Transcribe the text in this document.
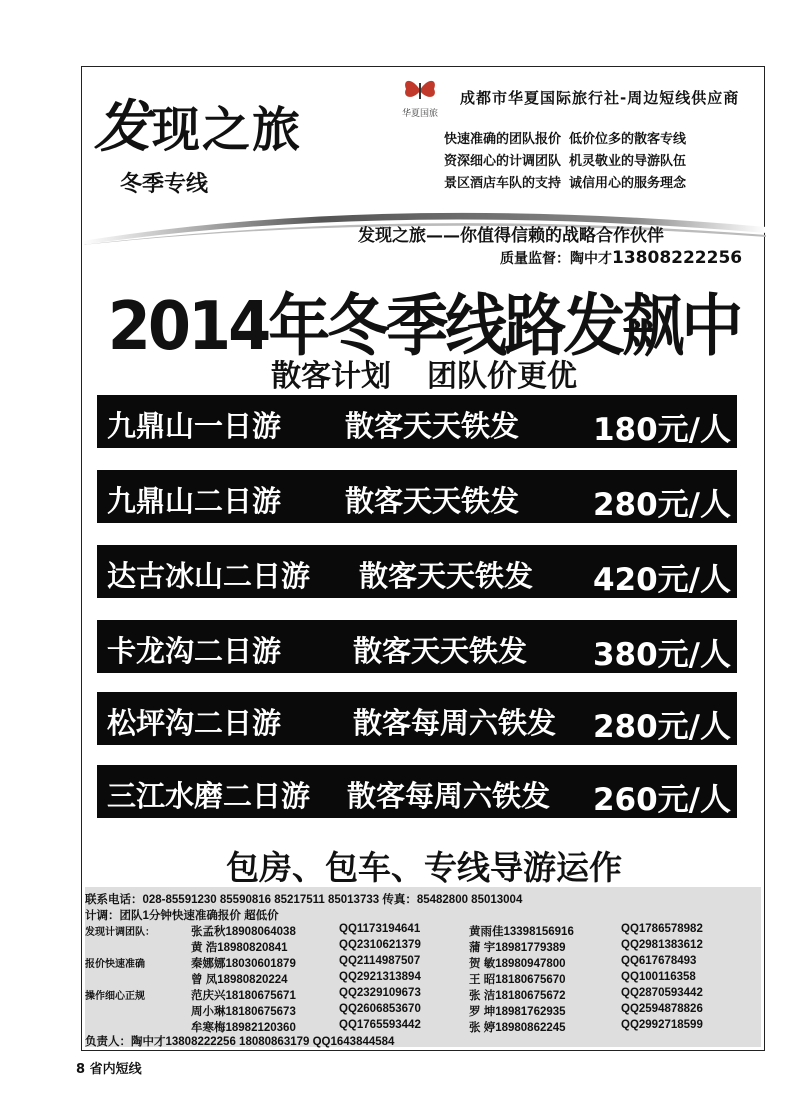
发现之旅
冬季专线
华夏国旅
成都市华夏国际旅行社-周边短线供应商
快速准确的团队报价 低价位多的散客专线
资深细心的计调团队 机灵敬业的导游队伍
景区酒店车队的支持 诚信用心的服务理念
发现之旅——你值得信赖的战略合作伙伴
质量监督：陶中才13808222256
2014年冬季线路发飙中
散客计划 团队价更优
九鼎山一日游 散客天天铁发 180元/人
九鼎山二日游 散客天天铁发 280元/人
达古冰山二日游 散客天天铁发 420元/人
卡龙沟二日游 散客天天铁发 380元/人
松坪沟二日游 散客每周六铁发 280元/人
三江水磨二日游 散客每周六铁发 260元/人
包房、包车、专线导游运作
联系电话：028-85591230 85590816 85217511 85013733 传真：85482800 85013004
计调：团队1分钟快速准确报价 超低价
发现计调团队：	张孟秋18908064038	QQ1173194641	黄雨佳13398156916	QQ1786578982
黄 浩18980820841	QQ2310621379	蒲 宇18981779389	QQ2981383612
报价快速准确	秦娜娜18030601879	QQ2114987507	贺 敏18980947800	QQ617678493
曾 凤18980820224	QQ2921313894	王 昭18180675670	QQ100116358
操作细心正规	范庆兴18180675671	QQ2329109673	张 洁18180675672	QQ2870593442
周小琳18180675673	QQ2606853670	罗 坤18981762935	QQ2594878826
牟寒梅18982120360	QQ1765593442	张 婷18980862245	QQ2992718599
负责人：陶中才13808222256 18080863179 QQ1643844584
8 省内短线
